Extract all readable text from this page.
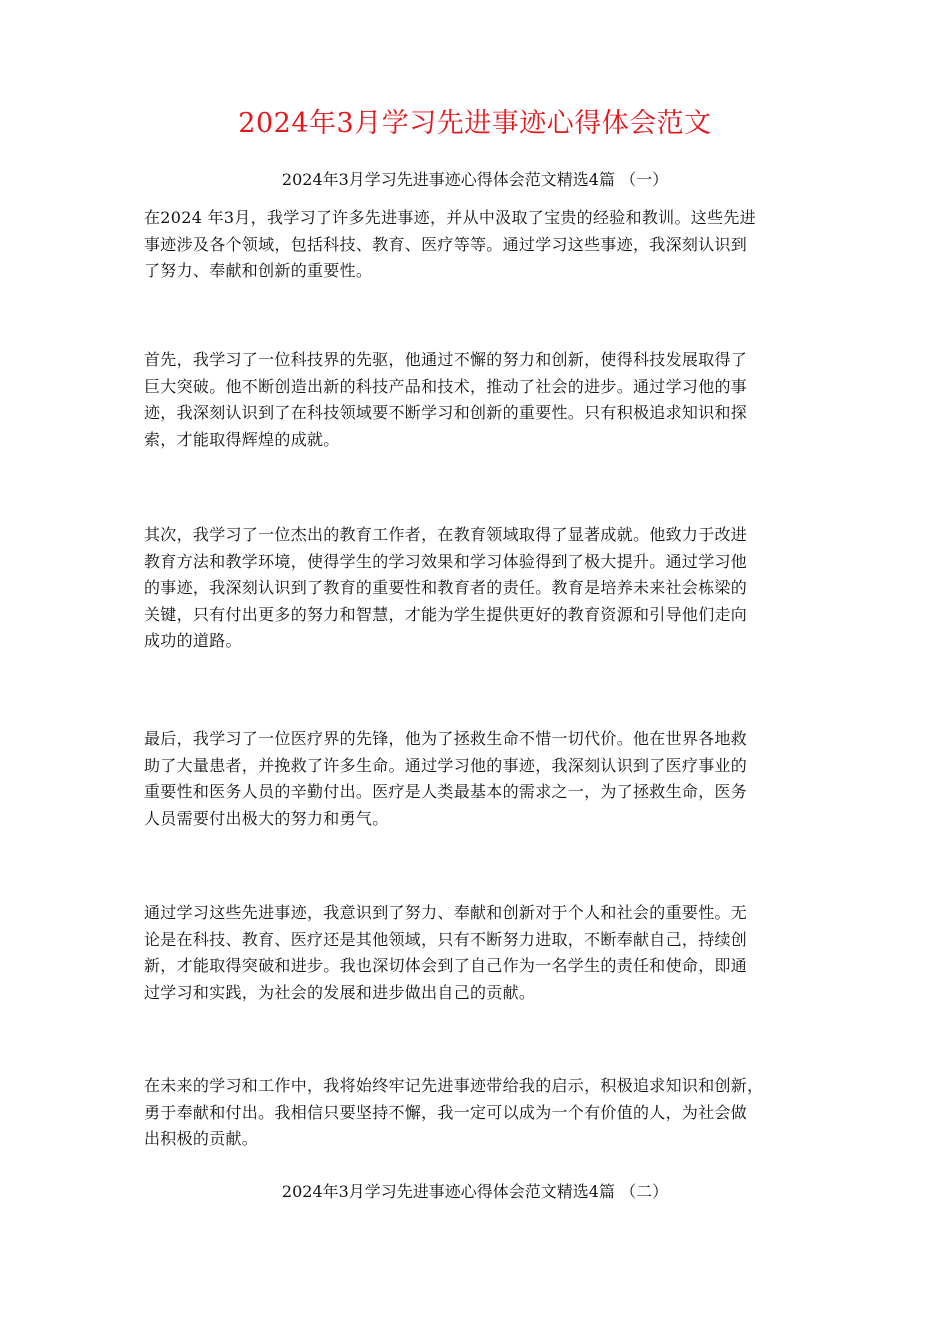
2024年3月学习先进事迹心得体会范文
2024年3月学习先进事迹心得体会范文精选4篇 （一）
在2024 年3月，我学习了许多先进事迹，并从中汲取了宝贵的经验和教训。这些先进
事迹涉及各个领域，包括科技、教育、医疗等等。通过学习这些事迹，我深刻认识到
了努力、奉献和创新的重要性。
首先，我学习了一位科技界的先驱，他通过不懈的努力和创新，使得科技发展取得了
巨大突破。他不断创造出新的科技产品和技术，推动了社会的进步。通过学习他的事
迹，我深刻认识到了在科技领域要不断学习和创新的重要性。只有积极追求知识和探
索，才能取得辉煌的成就。
其次，我学习了一位杰出的教育工作者，在教育领域取得了显著成就。他致力于改进
教育方法和教学环境，使得学生的学习效果和学习体验得到了极大提升。通过学习他
的事迹，我深刻认识到了教育的重要性和教育者的责任。教育是培养未来社会栋梁的
关键，只有付出更多的努力和智慧，才能为学生提供更好的教育资源和引导他们走向
成功的道路。
最后，我学习了一位医疗界的先锋，他为了拯救生命不惜一切代价。他在世界各地救
助了大量患者，并挽救了许多生命。通过学习他的事迹，我深刻认识到了医疗事业的
重要性和医务人员的辛勤付出。医疗是人类最基本的需求之一，为了拯救生命，医务
人员需要付出极大的努力和勇气。
通过学习这些先进事迹，我意识到了努力、奉献和创新对于个人和社会的重要性。无
论是在科技、教育、医疗还是其他领域，只有不断努力进取，不断奉献自己，持续创
新，才能取得突破和进步。我也深切体会到了自己作为一名学生的责任和使命，即通
过学习和实践，为社会的发展和进步做出自己的贡献。
在未来的学习和工作中，我将始终牢记先进事迹带给我的启示，积极追求知识和创新，
勇于奉献和付出。我相信只要坚持不懈，我一定可以成为一个有价值的人，为社会做
出积极的贡献。
2024年3月学习先进事迹心得体会范文精选4篇 （二）
